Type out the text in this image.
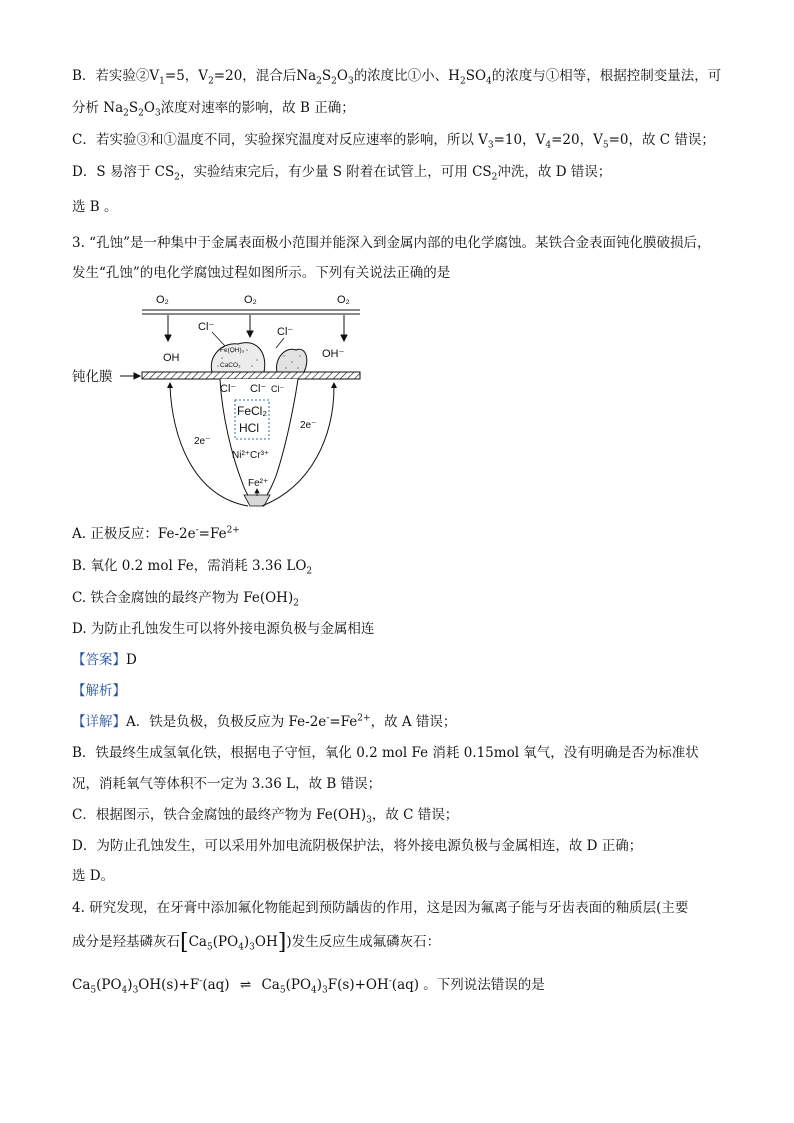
B．若实验$②V_1=5$，$V_2=20$，混合后$Na_2S_2O_3$的浓度比①小、$H_2SO_4$的浓度与①相等，根据控制变量法，可
分析 $Na_2S_2O_3$浓度对速率的影响，故 B 正确；
C．若实验③和①温度不同，实验探究温度对反应速率的影响，所以 $V_3=10$，$V_4=20$，$V_5=0$，故 C 错误；
D．S 易溶于 $CS_2$，实验结束完后，有少量 S 附着在试管上，可用 $CS_2$冲洗，故 D 错误；
选 B 。
3. “孔蚀”是一种集中于金属表面极小范围并能深入到金属内部的电化学腐蚀。某铁合金表面钝化膜破损后，
发生“孔蚀”的电化学腐蚀过程如图所示。下列有关说法正确的是
O₂	O₂	O₂
OH	OH⁻
Cl⁻	Cl⁻
Fe(OH)₃
CaCO₃
钝化膜
Cl⁻ Cl⁻ Cl⁻
FeCl₂
HCl
Ni²⁺Cr³⁺
Fe²⁺
2e⁻
2e⁻
A. 正极反应：$Fe-2e^-=Fe^{2+}$
B. 氧化 0.2 mol Fe，需消耗 3.36 $LO_2$
C. 铁合金腐蚀的最终产物为 $Fe(OH)_2$
D. 为防止孔蚀发生可以将外接电源负极与金属相连
【答案】D
【解析】
【详解】A．铁是负极，负极反应为 $Fe-2e^-=Fe^{2+}$，故 A 错误；
B．铁最终生成氢氧化铁，根据电子守恒，氧化 0.2 mol Fe 消耗 0.15mol 氧气，没有明确是否为标准状
况，消耗氧气等体积不一定为 3.36 L，故 B 错误；
C．根据图示，铁合金腐蚀的最终产物为 $Fe(OH)_3$，故 C 错误；
D．为防止孔蚀发生，可以采用外加电流阴极保护法，将外接电源负极与金属相连，故 D 正确；
选 D。
4. 研究发现，在牙膏中添加氟化物能起到预防龋齿的作用，这是因为氟离子能与牙齿表面的釉质层(主要
成分是羟基磷灰石$[Ca_5(PO_4)_3OH]$)发生反应生成氟磷灰石：
$Ca_5(PO_4)_3OH(s)+F^-(aq)$ ⇌ $Ca_5(PO_4)_3F(s)+OH^-(aq)$ 。下列说法错误的是
